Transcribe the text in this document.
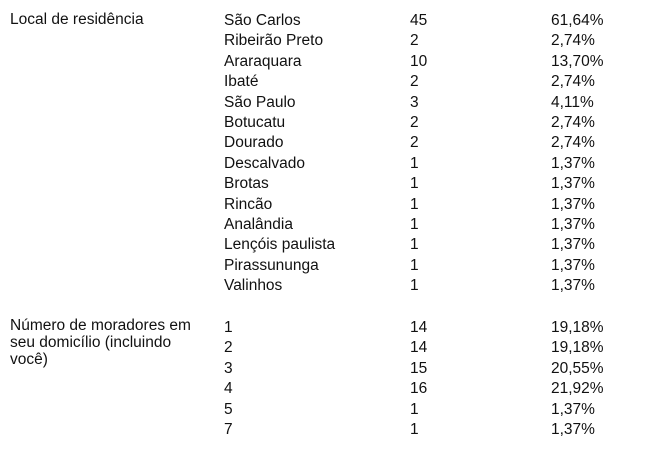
Local de residência	São Carlos	45	61,64%
Ribeirão Preto	2	2,74%
Araraquara	10	13,70%
Ibaté	2	2,74%
São Paulo	3	4,11%
Botucatu	2	2,74%
Dourado	2	2,74%
Descalvado	1	1,37%
Brotas	1	1,37%
Rincão	1	1,37%
Analândia	1	1,37%
Lençóis paulista	1	1,37%
Pirassununga	1	1,37%
Valinhos	1	1,37%
Número de moradores em
seu domicílio (incluindo
você)
1	14	19,18%
2	14	19,18%
3	15	20,55%
4	16	21,92%
5	1	1,37%
7	1	1,37%
